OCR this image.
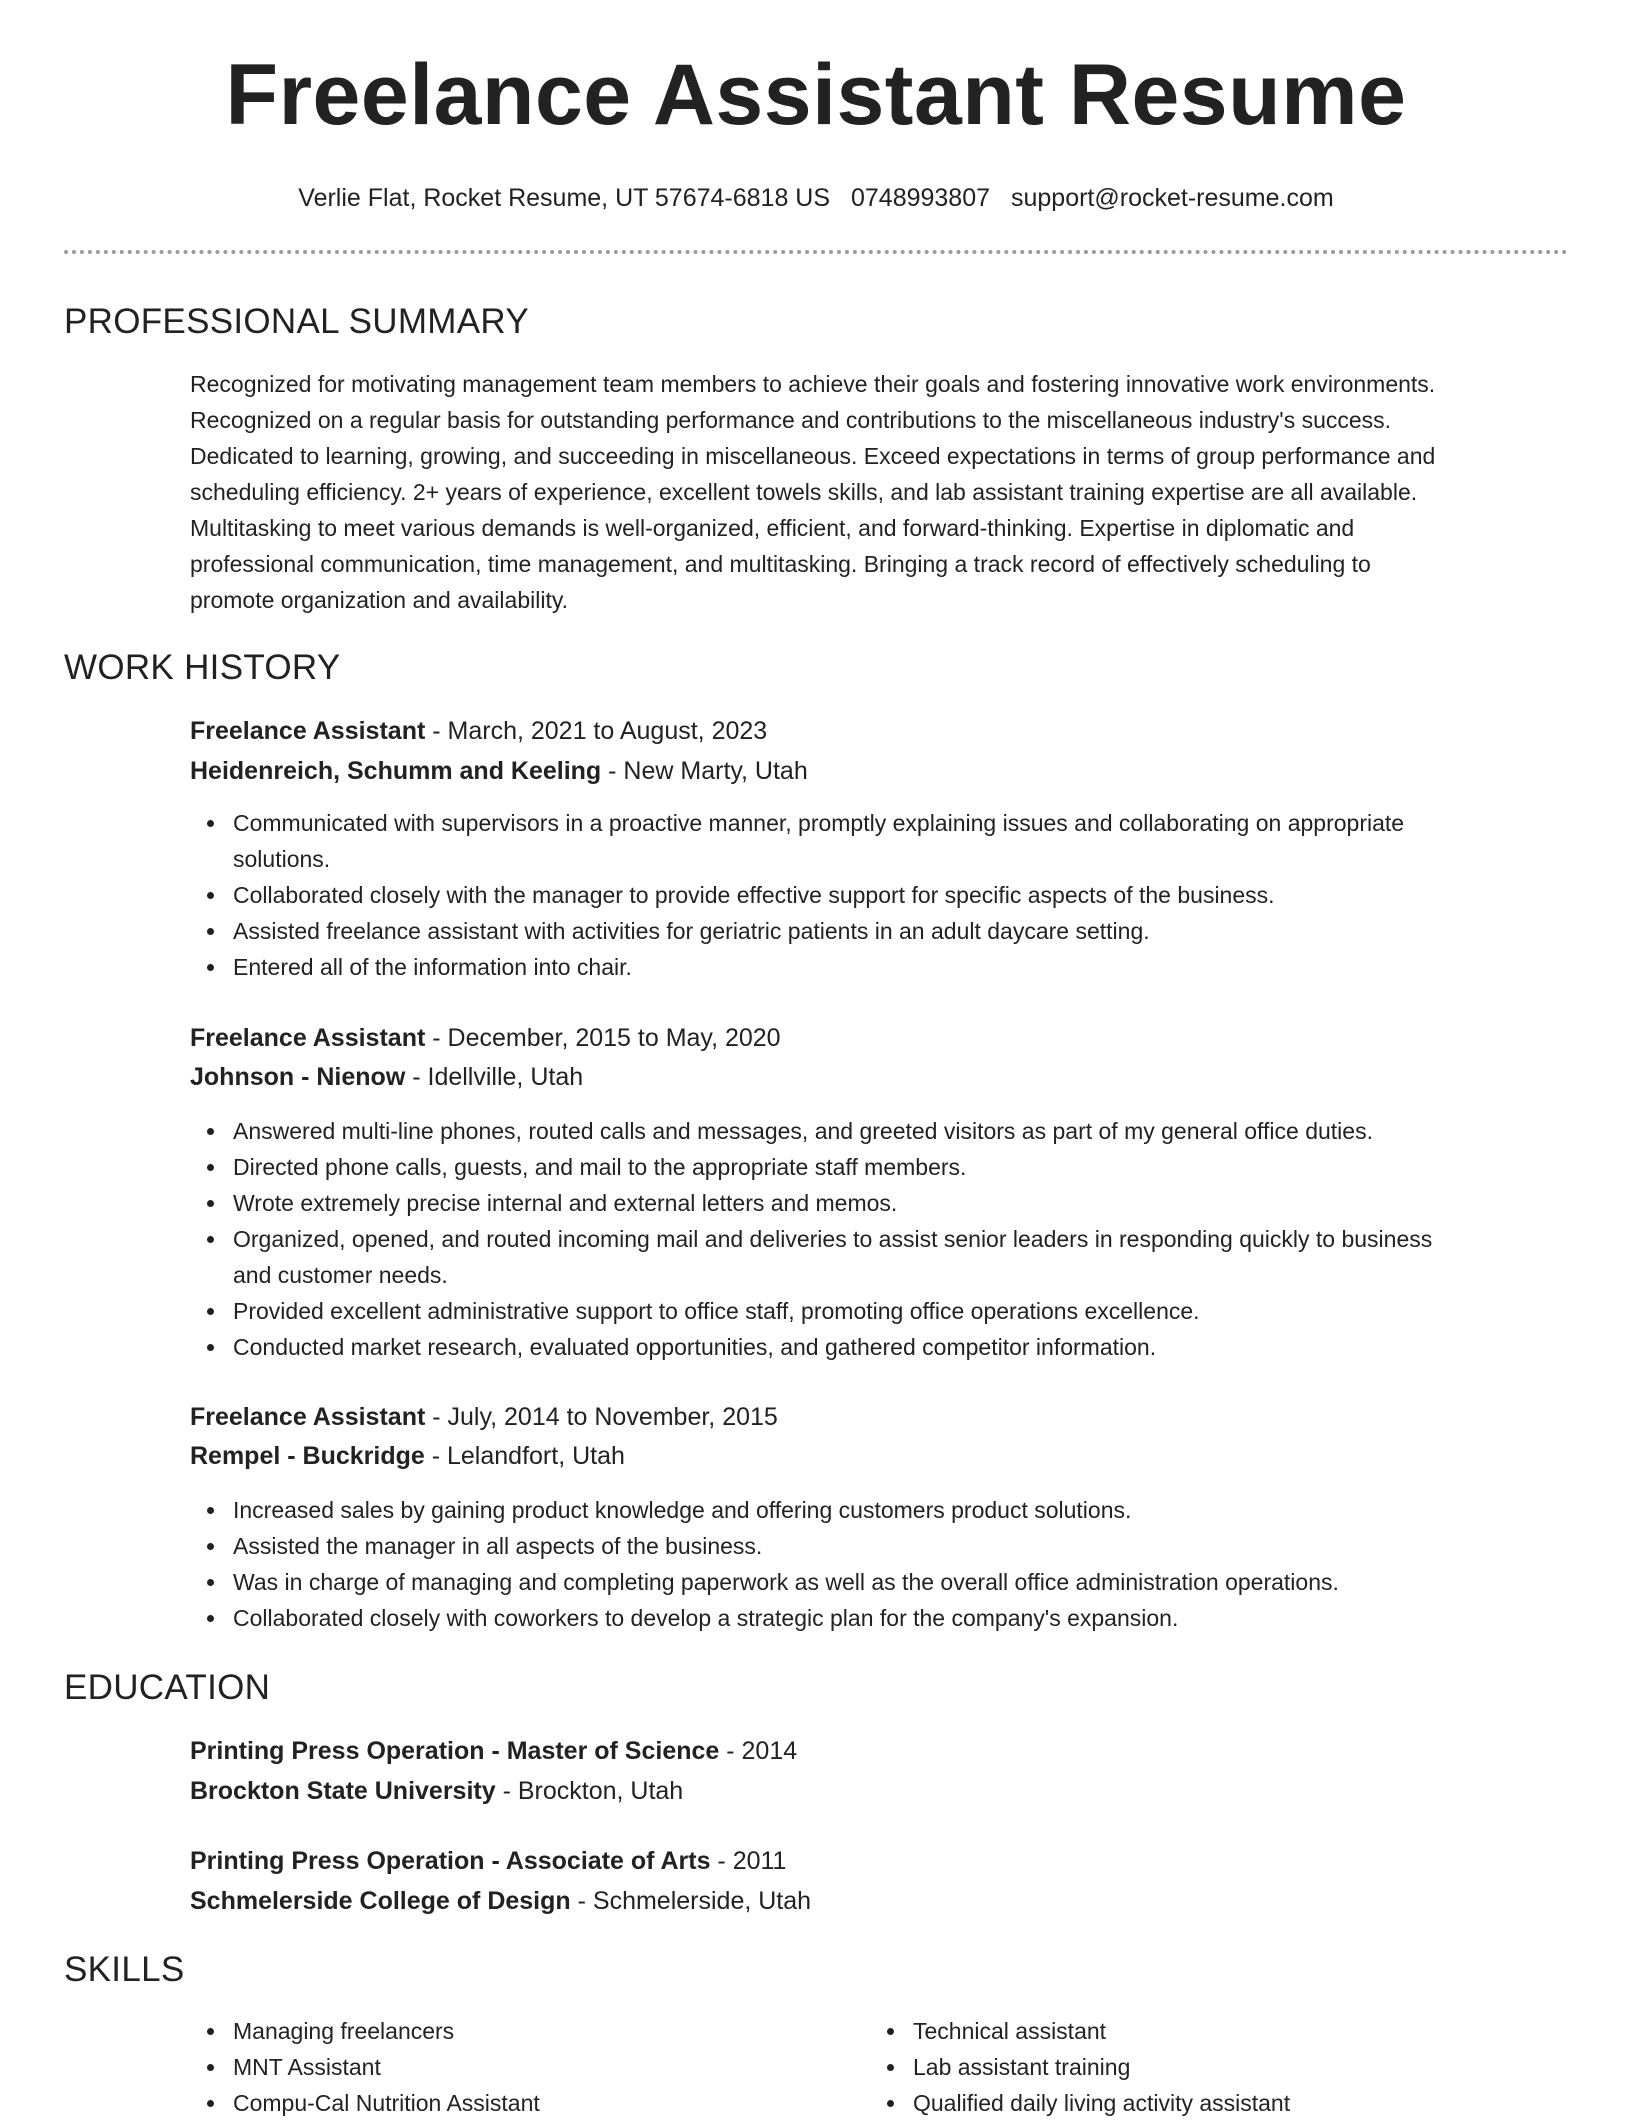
Freelance Assistant Resume
Verlie Flat, Rocket Resume, UT 57674-6818 US 0748993807 support@rocket-resume.com
PROFESSIONAL SUMMARY
Recognized for motivating management team members to achieve their goals and fostering innovative work environments.
Recognized on a regular basis for outstanding performance and contributions to the miscellaneous industry's success.
Dedicated to learning, growing, and succeeding in miscellaneous. Exceed expectations in terms of group performance and
scheduling efficiency. 2+ years of experience, excellent towels skills, and lab assistant training expertise are all available.
Multitasking to meet various demands is well-organized, efficient, and forward-thinking. Expertise in diplomatic and
professional communication, time management, and multitasking. Bringing a track record of effectively scheduling to
promote organization and availability.
WORK HISTORY
Freelance Assistant - March, 2021 to August, 2023
Heidenreich, Schumm and Keeling - New Marty, Utah
Communicated with supervisors in a proactive manner, promptly explaining issues and collaborating on appropriate
solutions.
Collaborated closely with the manager to provide effective support for specific aspects of the business.
Assisted freelance assistant with activities for geriatric patients in an adult daycare setting.
Entered all of the information into chair.
Freelance Assistant - December, 2015 to May, 2020
Johnson - Nienow - Idellville, Utah
Answered multi-line phones, routed calls and messages, and greeted visitors as part of my general office duties.
Directed phone calls, guests, and mail to the appropriate staff members.
Wrote extremely precise internal and external letters and memos.
Organized, opened, and routed incoming mail and deliveries to assist senior leaders in responding quickly to business
and customer needs.
Provided excellent administrative support to office staff, promoting office operations excellence.
Conducted market research, evaluated opportunities, and gathered competitor information.
Freelance Assistant - July, 2014 to November, 2015
Rempel - Buckridge - Lelandfort, Utah
Increased sales by gaining product knowledge and offering customers product solutions.
Assisted the manager in all aspects of the business.
Was in charge of managing and completing paperwork as well as the overall office administration operations.
Collaborated closely with coworkers to develop a strategic plan for the company's expansion.
EDUCATION
Printing Press Operation - Master of Science - 2014
Brockton State University - Brockton, Utah
Printing Press Operation - Associate of Arts - 2011
Schmelerside College of Design - Schmelerside, Utah
SKILLS
Managing freelancers
MNT Assistant
Compu-Cal Nutrition Assistant
Technical assistant
Lab assistant training
Qualified daily living activity assistant
